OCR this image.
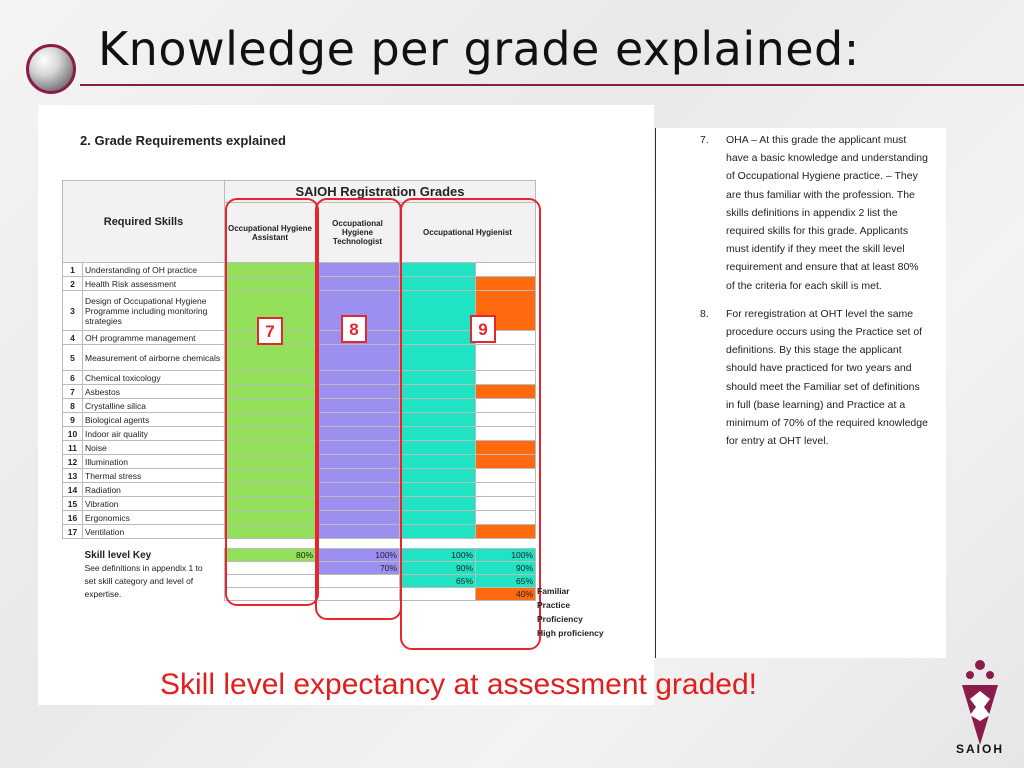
Knowledge per grade explained:
2. Grade Requirements explained
Required Skills		SAIOH Registration Grades			
		Occupational Hygiene Assistant	Occupational Hygiene Technologist	Occupational Hygienist	
1	Understanding of OH practice				
2	Health Risk assessment				
3	Design of Occupational Hygiene Programme including monitoring strategies				
4	OH programme management				
5	Measurement of airborne chemicals				
6	Chemical toxicology				
7	Asbestos				
8	Crystalline silica				
9	Biological agents				
10	Indoor air quality				
11	Noise				
12	Illumination				
13	Thermal stress				
14	Radiation				
15	Vibration				
16	Ergonomics				
17	Ventilation				

	Skill level Key	80%	100%	100%	100%
	See definitions in appendix 1 to		70%	90%	90%
	set skill category and level of			65%	65%
	expertise.				40%
7	8	9
7.	OHA – At this grade the applicant must have a basic knowledge and understanding of Occupational Hygiene practice. – They are thus familiar with the profession. The skills definitions in appendix 2 list the required skills for this grade. Applicants must identify if they meet the skill level requirement and ensure that at least 80% of the criteria for each skill is met.
8.	For reregistration at OHT level the same procedure occurs using the Practice set of definitions. By this stage the applicant should have practiced for two years and should meet the Familiar set of definitions in full (base learning) and Practice at a minimum of 70% of the required knowledge for entry at OHT level.
Skill level expectancy at assessment graded!
SAIOH
Familiar
Practice
Proficiency
High proficiency
